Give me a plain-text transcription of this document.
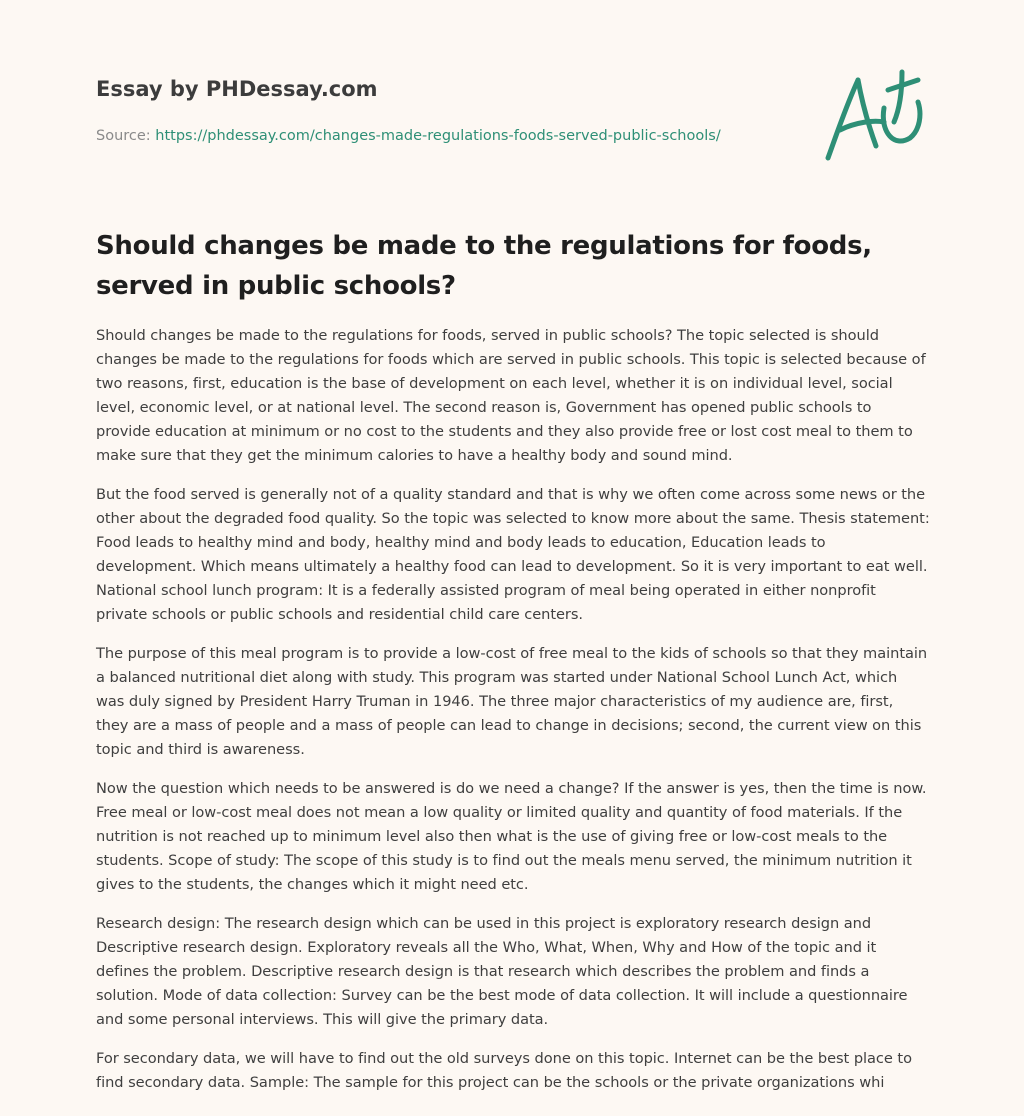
Essay by PHDessay.com
Source: https://phdessay.com/changes-made-regulations-foods-served-public-schools/
Should changes be made to the regulations for foods, served in public schools?

Should changes be made to the regulations for foods, served in public schools? The topic selected is should changes be made to the regulations for foods which are served in public schools. This topic is selected because of two reasons, first, education is the base of development on each level, whether it is on individual level, social level, economic level, or at national level. The second reason is, Government has opened public schools to provide education at minimum or no cost to the students and they also provide free or lost cost meal to them to make sure that they get the minimum calories to have a healthy body and sound mind.

But the food served is generally not of a quality standard and that is why we often come across some news or the other about the degraded food quality. So the topic was selected to know more about the same. Thesis statement: Food leads to healthy mind and body, healthy mind and body leads to education, Education leads to development. Which means ultimately a healthy food can lead to development. So it is very important to eat well. National school lunch program: It is a federally assisted program of meal being operated in either nonprofit private schools or public schools and residential child care centers.

The purpose of this meal program is to provide a low-cost of free meal to the kids of schools so that they maintain a balanced nutritional diet along with study. This program was started under National School Lunch Act, which was duly signed by President Harry Truman in 1946. The three major characteristics of my audience are, first, they are a mass of people and a mass of people can lead to change in decisions; second, the current view on this topic and third is awareness.

Now the question which needs to be answered is do we need a change? If the answer is yes, then the time is now. Free meal or low-cost meal does not mean a low quality or limited quality and quantity of food materials. If the nutrition is not reached up to minimum level also then what is the use of giving free or low-cost meals to the students. Scope of study: The scope of this study is to find out the meals menu served, the minimum nutrition it gives to the students, the changes which it might need etc.

Research design: The research design which can be used in this project is exploratory research design and Descriptive research design. Exploratory reveals all the Who, What, When, Why and How of the topic and it defines the problem. Descriptive research design is that research which describes the problem and finds a solution. Mode of data collection: Survey can be the best mode of data collection. It will include a questionnaire and some personal interviews. This will give the primary data.

For secondary data, we will have to find out the old surveys done on this topic. Internet can be the best place to find secondary data. Sample: The sample for this project can be the schools or the private organizations whi
